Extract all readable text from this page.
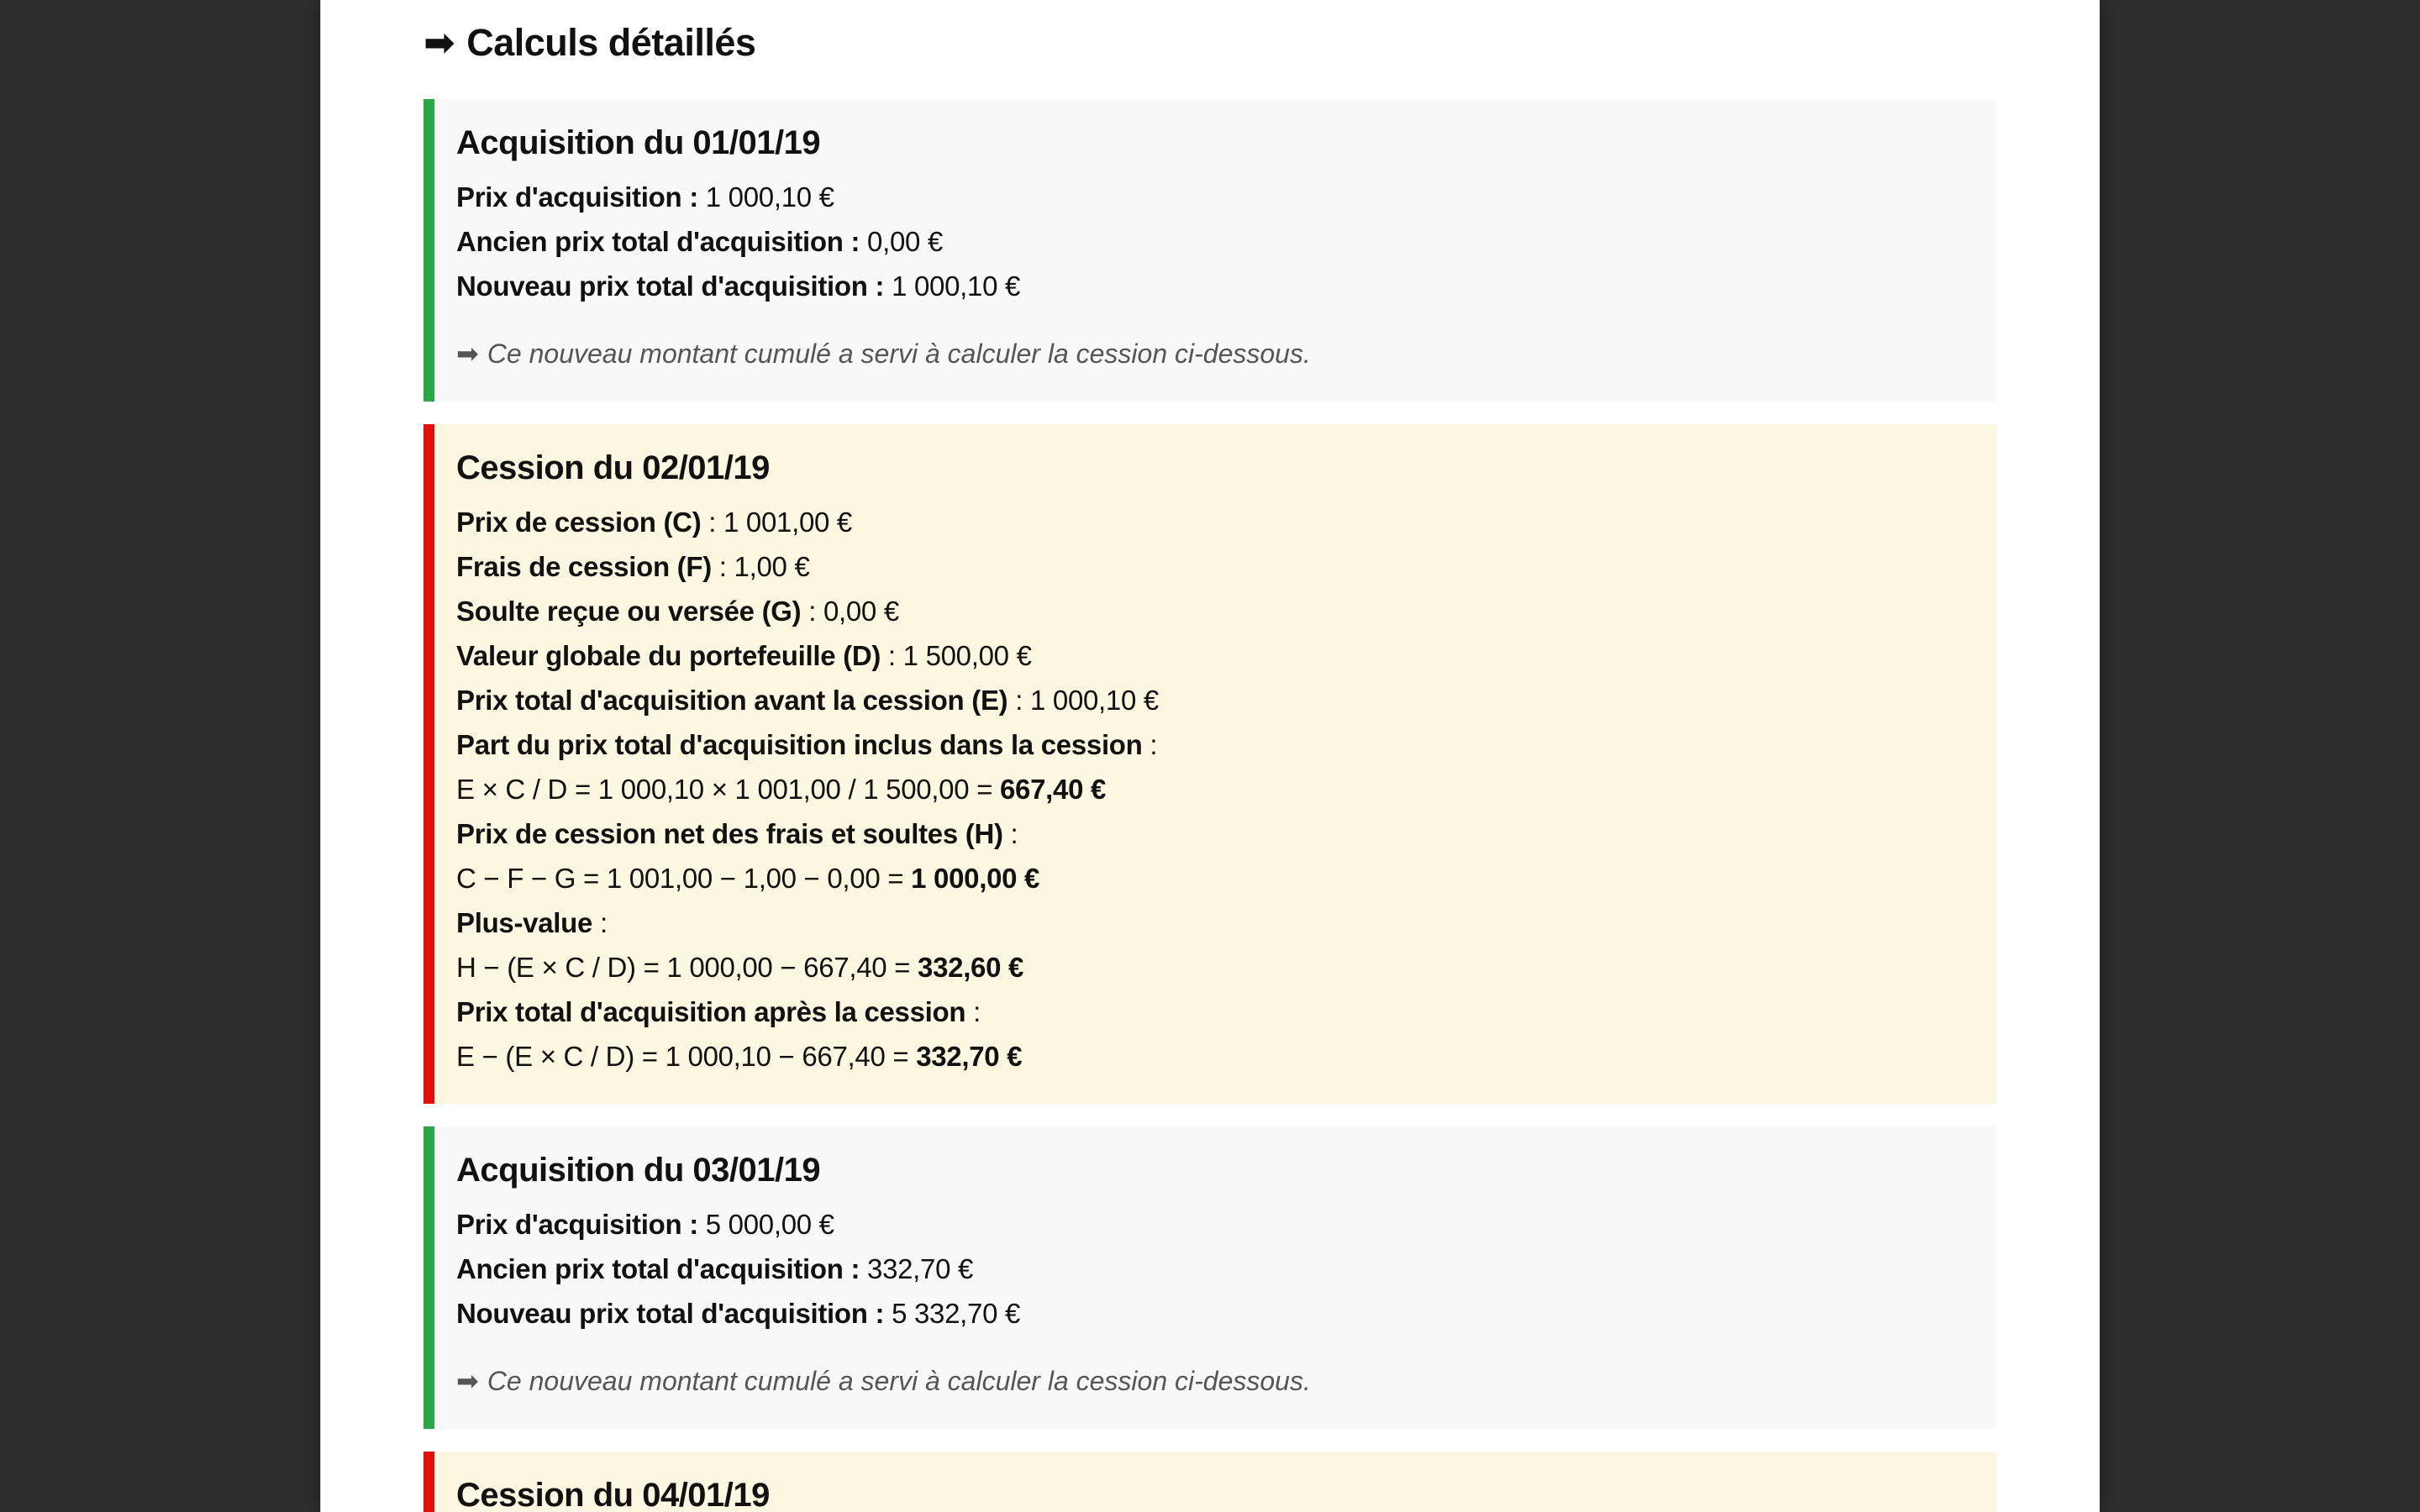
➡ Calculs détaillés
Acquisition du 01/01/19

Prix d'acquisition : 1 000,10 €

Ancien prix total d'acquisition : 0,00 €

Nouveau prix total d'acquisition : 1 000,10 €

➡ Ce nouveau montant cumulé a servi à calculer la cession ci-dessous.

Cession du 02/01/19

Prix de cession (C) : 1 001,00 €

Frais de cession (F) : 1,00 €

Soulte reçue ou versée (G) : 0,00 €

Valeur globale du portefeuille (D) : 1 500,00 €

Prix total d'acquisition avant la cession (E) : 1 000,10 €

Part du prix total d'acquisition inclus dans la cession :

E × C / D = 1 000,10 × 1 001,00 / 1 500,00 = 667,40 €

Prix de cession net des frais et soultes (H) :

C − F − G = 1 001,00 − 1,00 − 0,00 = 1 000,00 €

Plus-value :

H − (E × C / D) = 1 000,00 − 667,40 = 332,60 €

Prix total d'acquisition après la cession :

E − (E × C / D) = 1 000,10 − 667,40 = 332,70 €

Acquisition du 03/01/19

Prix d'acquisition : 5 000,00 €

Ancien prix total d'acquisition : 332,70 €

Nouveau prix total d'acquisition : 5 332,70 €

➡ Ce nouveau montant cumulé a servi à calculer la cession ci-dessous.

Cession du 04/01/19
